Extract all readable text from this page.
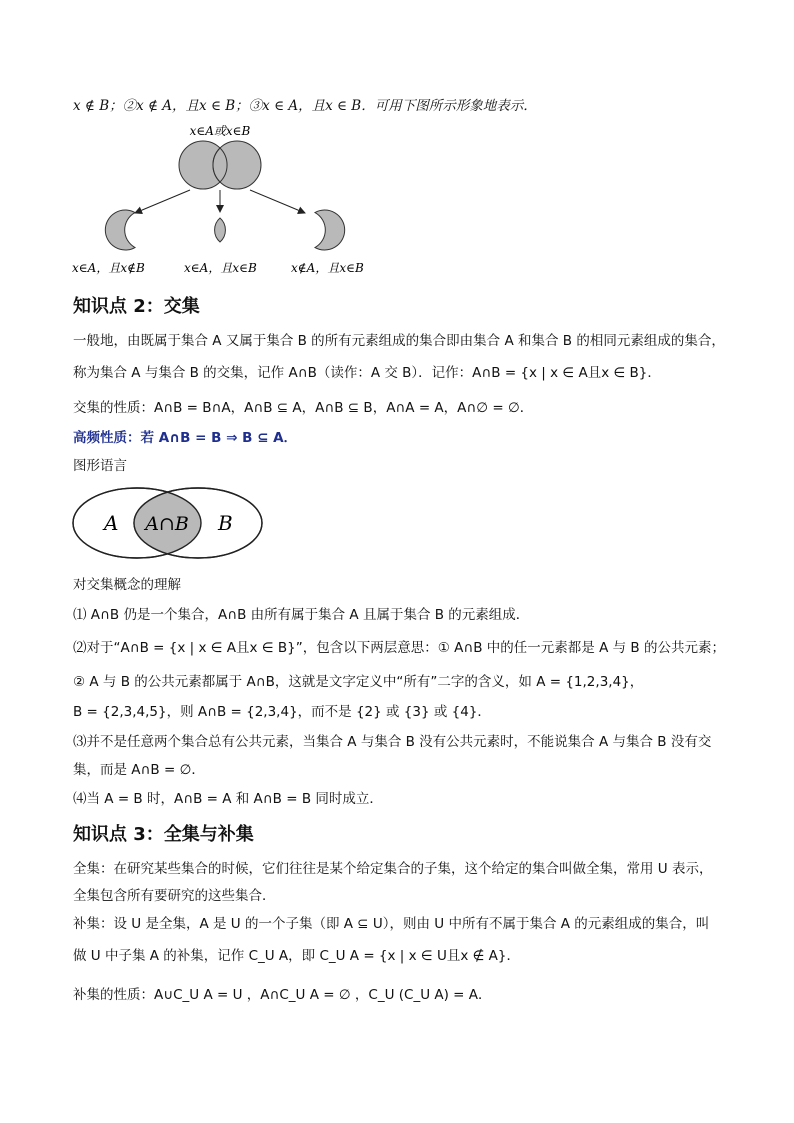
x ∉ B；②x ∉ A，且x ∈ B；③x ∈ A，且x ∈ B．可用下图所示形象地表示．
x∈A或x∈B
x∈A，且x∉B	x∈A，且x∈B	x∉A，且x∈B
知识点 2：交集
一般地，由既属于集合 A 又属于集合 B 的所有元素组成的集合即由集合 A 和集合 B 的相同元素组成的集合，
称为集合 A 与集合 B 的交集，记作 A∩B（读作：A 交 B）．记作：A∩B = {x | x ∈ A且x ∈ B}．
交集的性质：A∩B = B∩A，A∩B ⊆ A，A∩B ⊆ B，A∩A = A，A∩∅ = ∅．
高频性质：若 A∩B = B ⇒ B ⊆ A．
图形语言
A A∩B B
对交集概念的理解
⑴ A∩B 仍是一个集合，A∩B 由所有属于集合 A 且属于集合 B 的元素组成．
⑵对于“A∩B = {x | x ∈ A且x ∈ B}”，包含以下两层意思：① A∩B 中的任一元素都是 A 与 B 的公共元素；
② A 与 B 的公共元素都属于 A∩B，这就是文字定义中“所有”二字的含义，如 A = {1,2,3,4}，
B = {2,3,4,5}，则 A∩B = {2,3,4}，而不是 {2} 或 {3} 或 {4}．
⑶并不是任意两个集合总有公共元素，当集合 A 与集合 B 没有公共元素时，不能说集合 A 与集合 B 没有交
集，而是 A∩B = ∅．
⑷当 A = B 时，A∩B = A 和 A∩B = B 同时成立．
知识点 3：全集与补集
全集：在研究某些集合的时候，它们往往是某个给定集合的子集，这个给定的集合叫做全集，常用 U 表示，
全集包含所有要研究的这些集合．
补集：设 U 是全集，A 是 U 的一个子集（即 A ⊆ U），则由 U 中所有不属于集合 A 的元素组成的集合，叫
做 U 中子集 A 的补集，记作 C_U A，即 C_U A = {x | x ∈ U且x ∉ A}．
补集的性质：A∪C_U A = U ，A∩C_U A = ∅ ，C_U (C_U A) = A．
